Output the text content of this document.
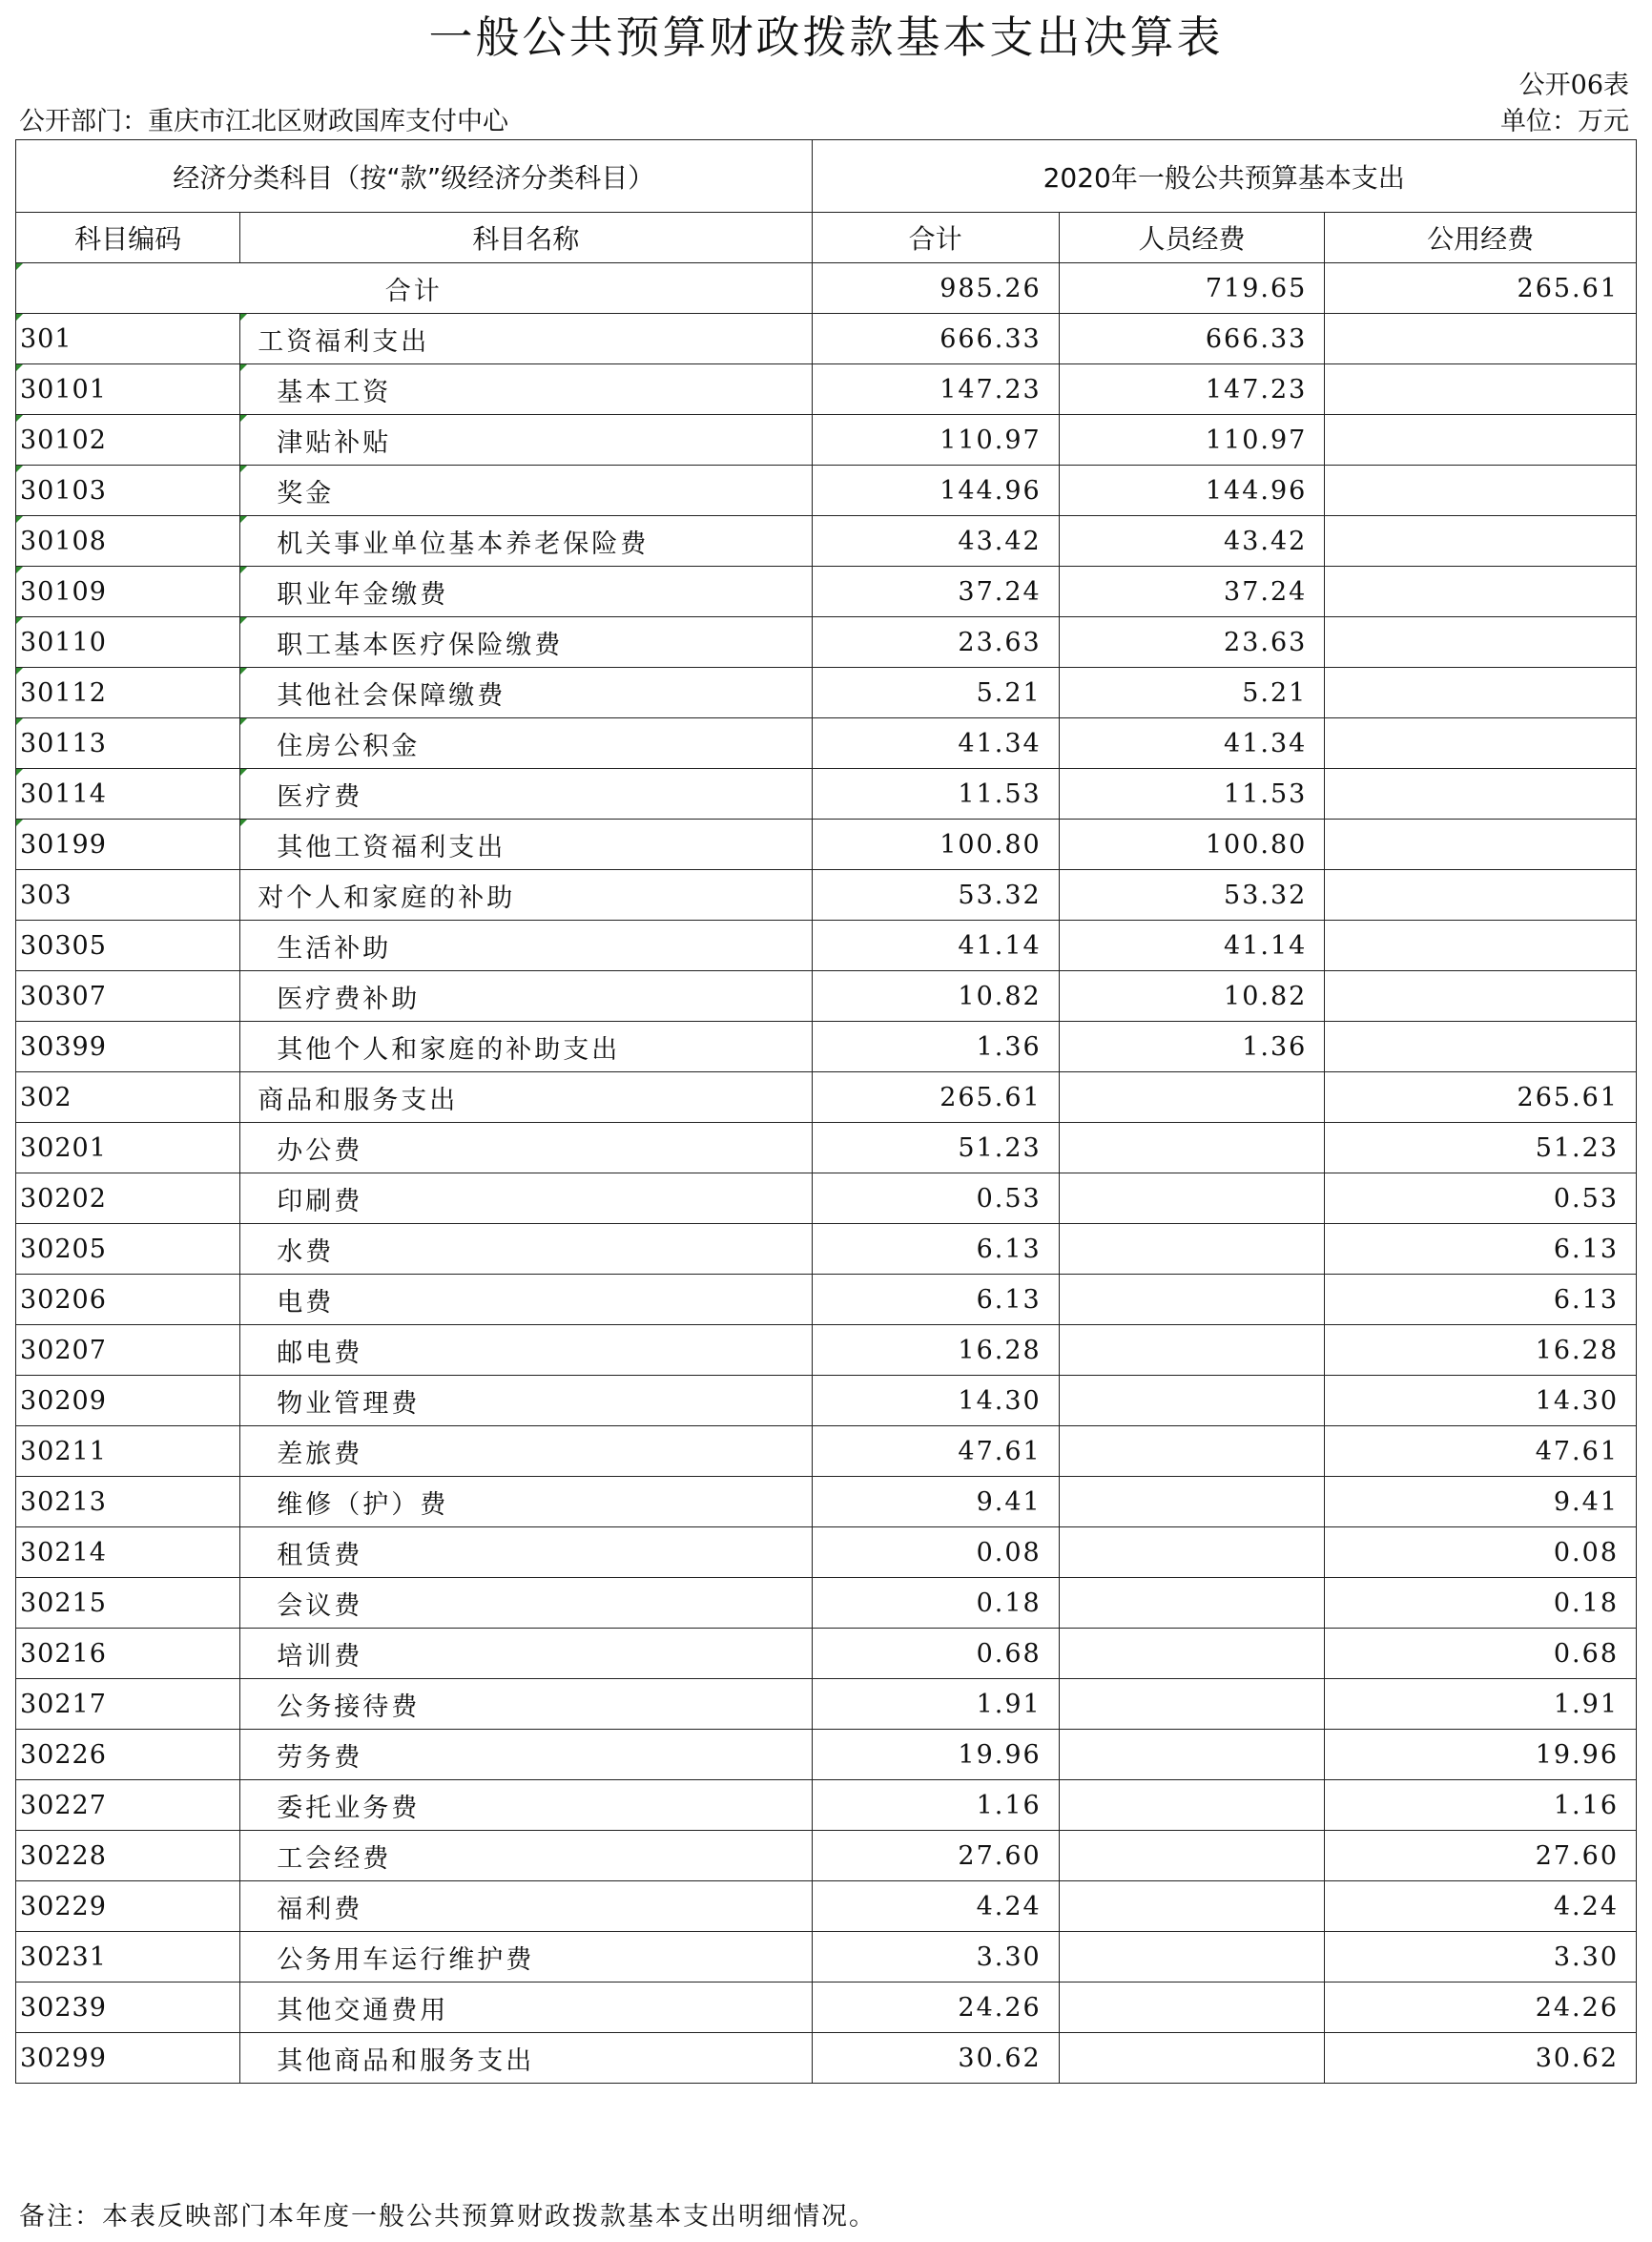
一般公共预算财政拨款基本支出决算表
公开06表
公开部门：重庆市江北区财政国库支付中心	单位：万元
经济分类科目（按“款”级经济分类科目）		2020年一般公共预算基本支出		
科目编码	科目名称	合计	人员经费	公用经费
合计		985.26	719.65	265.61
301	工资福利支出	666.33	666.33	
30101	基本工资	147.23	147.23	
30102	津贴补贴	110.97	110.97	
30103	奖金	144.96	144.96	
30108	机关事业单位基本养老保险费	43.42	43.42	
30109	职业年金缴费	37.24	37.24	
30110	职工基本医疗保险缴费	23.63	23.63	
30112	其他社会保障缴费	5.21	5.21	
30113	住房公积金	41.34	41.34	
30114	医疗费	11.53	11.53	
30199	其他工资福利支出	100.80	100.80	
303	对个人和家庭的补助	53.32	53.32	
30305	生活补助	41.14	41.14	
30307	医疗费补助	10.82	10.82	
30399	其他个人和家庭的补助支出	1.36	1.36	
302	商品和服务支出	265.61		265.61
30201	办公费	51.23		51.23
30202	印刷费	0.53		0.53
30205	水费	6.13		6.13
30206	电费	6.13		6.13
30207	邮电费	16.28		16.28
30209	物业管理费	14.30		14.30
30211	差旅费	47.61		47.61
30213	维修（护）费	9.41		9.41
30214	租赁费	0.08		0.08
30215	会议费	0.18		0.18
30216	培训费	0.68		0.68
30217	公务接待费	1.91		1.91
30226	劳务费	19.96		19.96
30227	委托业务费	1.16		1.16
30228	工会经费	27.60		27.60
30229	福利费	4.24		4.24
30231	公务用车运行维护费	3.30		3.30
30239	其他交通费用	24.26		24.26
30299	其他商品和服务支出	30.62		30.62
备注：本表反映部门本年度一般公共预算财政拨款基本支出明细情况。
